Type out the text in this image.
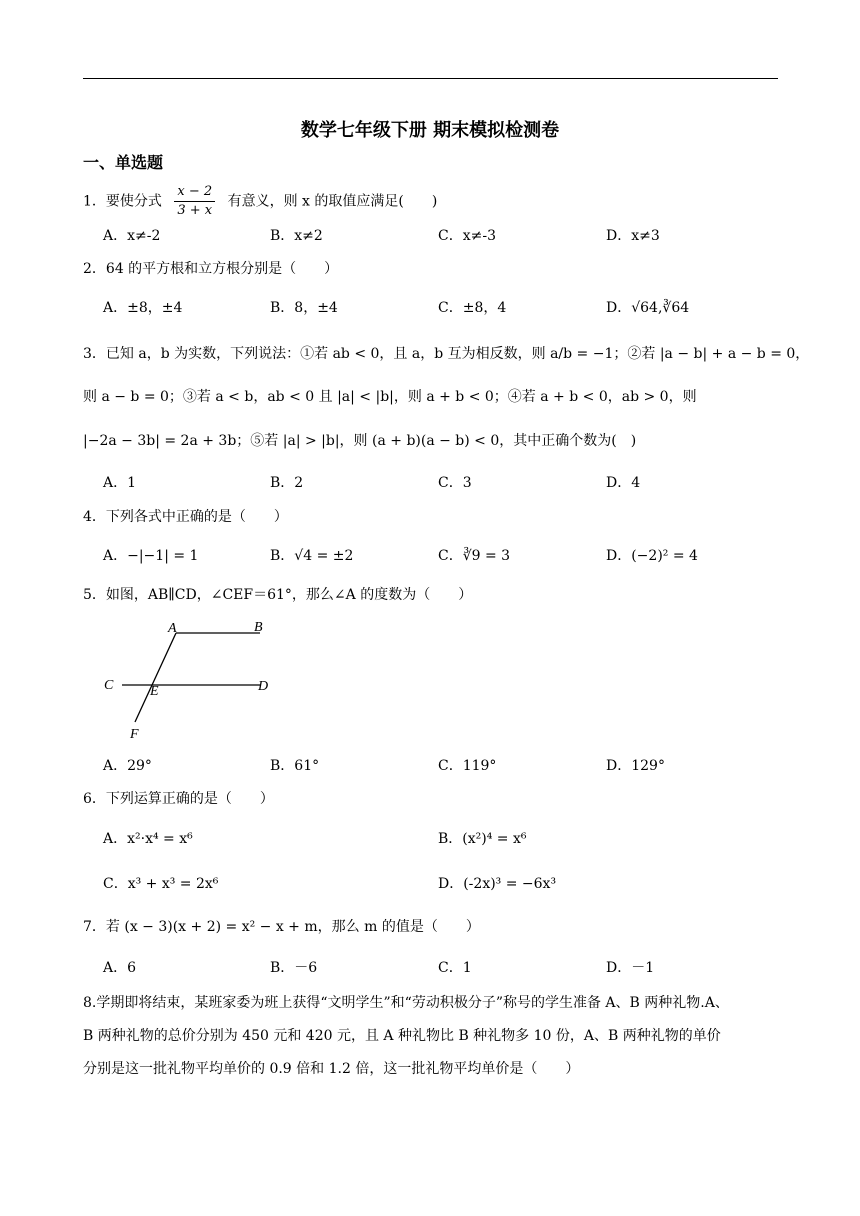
数学七年级下册 期末模拟检测卷
一、单选题
1．要使分式 $\frac{x - 2}{3 + x}$ 有意义，则 x 的取值应满足(　　)
A．x≠-2	B．x≠2	C．x≠-3	D．x≠3
2．64 的平方根和立方根分别是（　　）
A．±8，±4	B．8，±4	C．±8，4	D．√64,∛64
3．已知 a，b 为实数，下列说法：①若 ab < 0，且 a，b 互为相反数，则 a/b = −1；②若 |a − b| + a − b = 0，
则 a − b = 0；③若 a < b，ab < 0 且 |a| < |b|，则 a + b < 0；④若 a + b < 0，ab > 0，则
|−2a − 3b| = 2a + 3b；⑤若 |a| > |b|，则 (a + b)(a − b) < 0，其中正确个数为(　)
A．1	B．2	C．3	D．4
4．下列各式中正确的是（　　）
A．−|−1| = 1	B．√4 = ±2	C．∛9 = 3	D．(−2)² = 4
5．如图，AB∥CD，∠CEF＝61°，那么∠A 的度数为（　　）
A	B
C	E	D
F
A．29°	B．61°	C．119°	D．129°
6．下列运算正确的是（　　）
A．x²·x⁴ = x⁶	B．(x²)⁴ = x⁶
C．x³ + x³ = 2x⁶	D．(-2x)³ = −6x³
7．若 (x − 3)(x + 2) = x² − x + m，那么 m 的值是（　　）
A．6	B．－6	C．1	D．－1
8.学期即将结束，某班家委为班上获得“文明学生”和“劳动积极分子”称号的学生准备 A、B 两种礼物.A、
B 两种礼物的总价分别为 450 元和 420 元，且 A 种礼物比 B 种礼物多 10 份，A、B 两种礼物的单价
分别是这一批礼物平均单价的 0.9 倍和 1.2 倍，这一批礼物平均单价是（　　）
